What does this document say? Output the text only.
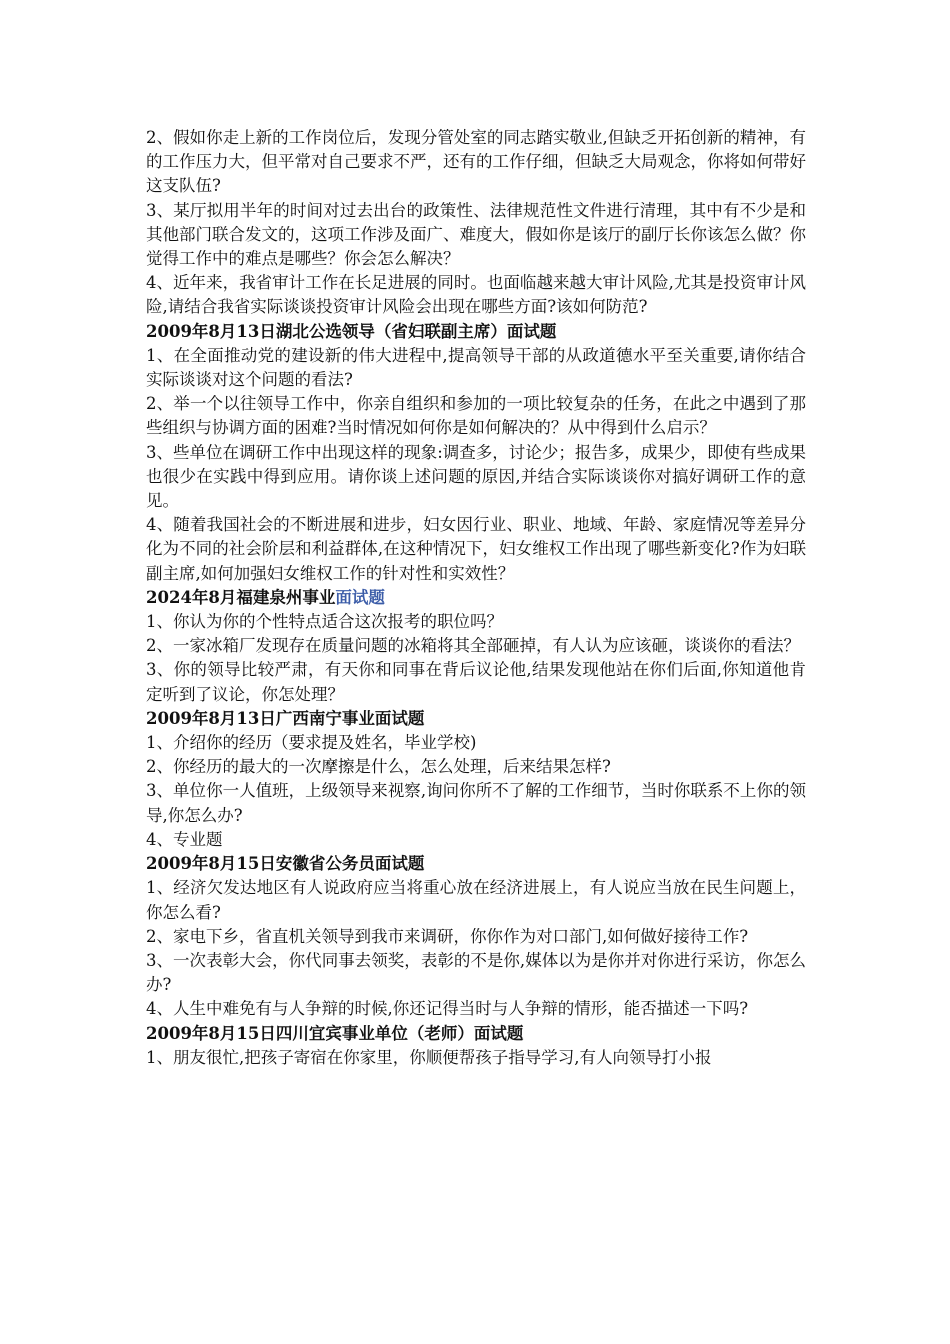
2、假如你走上新的工作岗位后，发现分管处室的同志踏实敬业,但缺乏开拓创新的精神，有的工作压力大，但平常对自己要求不严，还有的工作仔细，但缺乏大局观念，你将如何带好这支队伍?

3、某厅拟用半年的时间对过去出台的政策性、法律规范性文件进行清理，其中有不少是和其他部门联合发文的，这项工作涉及面广、难度大，假如你是该厅的副厅长你该怎么做？你觉得工作中的难点是哪些？你会怎么解决？

4、近年来，我省审计工作在长足进展的同时。也面临越来越大审计风险,尤其是投资审计风险,请结合我省实际谈谈投资审计风险会出现在哪些方面?该如何防范?

2009年8月13日湖北公选领导（省妇联副主席）面试题

1、在全面推动党的建设新的伟大进程中,提高领导干部的从政道德水平至关重要,请你结合实际谈谈对这个问题的看法?

2、举一个以往领导工作中，你亲自组织和参加的一项比较复杂的任务，在此之中遇到了那些组织与协调方面的困难?当时情况如何你是如何解决的？从中得到什么启示？

3、些单位在调研工作中出现这样的现象:调查多，讨论少；报告多，成果少，即使有些成果也很少在实践中得到应用。请你谈上述问题的原因,并结合实际谈谈你对搞好调研工作的意见。

4、随着我国社会的不断进展和进步，妇女因行业、职业、地域、年龄、家庭情况等差异分化为不同的社会阶层和利益群体,在这种情况下，妇女维权工作出现了哪些新变化?作为妇联副主席,如何加强妇女维权工作的针对性和实效性？

2024年8月福建泉州事业面试题

1、你认为你的个性特点适合这次报考的职位吗？

2、一家冰箱厂发现存在质量问题的冰箱将其全部砸掉，有人认为应该砸，谈谈你的看法？

3、你的领导比较严肃，有天你和同事在背后议论他,结果发现他站在你们后面,你知道他肯定听到了议论，你怎处理？

2009年8月13日广西南宁事业面试题

1、介绍你的经历（要求提及姓名，毕业学校)

2、你经历的最大的一次摩擦是什么，怎么处理，后来结果怎样?

3、单位你一人值班，上级领导来视察,询问你所不了解的工作细节，当时你联系不上你的领导,你怎么办?

4、专业题

2009年8月15日安徽省公务员面试题

1、经济欠发达地区有人说政府应当将重心放在经济进展上，有人说应当放在民生问题上，你怎么看?

2、家电下乡，省直机关领导到我市来调研，你你作为对口部门,如何做好接待工作?

3、一次表彰大会，你代同事去领奖，表彰的不是你,媒体以为是你并对你进行采访，你怎么办?

4、人生中难免有与人争辩的时候,你还记得当时与人争辩的情形，能否描述一下吗?

2009年8月15日四川宜宾事业单位（老师）面试题

1、朋友很忙,把孩子寄宿在你家里，你顺便帮孩子指导学习,有人向领导打小报
